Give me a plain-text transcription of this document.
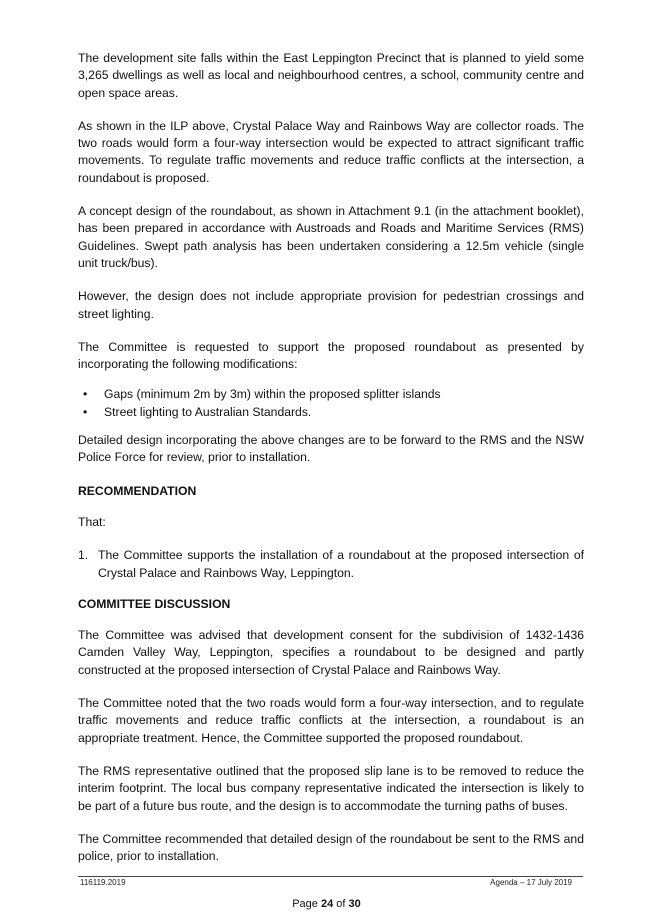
The development site falls within the East Leppington Precinct that is planned to yield some 3,265 dwellings as well as local and neighbourhood centres, a school, community centre and open space areas.

As shown in the ILP above, Crystal Palace Way and Rainbows Way are collector roads. The two roads would form a four-way intersection would be expected to attract significant traffic movements. To regulate traffic movements and reduce traffic conflicts at the intersection, a roundabout is proposed.

A concept design of the roundabout, as shown in Attachment 9.1 (in the attachment booklet), has been prepared in accordance with Austroads and Roads and Maritime Services (RMS) Guidelines. Swept path analysis has been undertaken considering a 12.5m vehicle (single unit truck/bus).

However, the design does not include appropriate provision for pedestrian crossings and street lighting.

The Committee is requested to support the proposed roundabout as presented by incorporating the following modifications:

• Gaps (minimum 2m by 3m) within the proposed splitter islands
• Street lighting to Australian Standards.

Detailed design incorporating the above changes are to be forward to the RMS and the NSW Police Force for review, prior to installation.

RECOMMENDATION

That:

1. The Committee supports the installation of a roundabout at the proposed intersection of Crystal Palace and Rainbows Way, Leppington.
COMMITTEE DISCUSSION

The Committee was advised that development consent for the subdivision of 1432-1436 Camden Valley Way, Leppington, specifies a roundabout to be designed and partly constructed at the proposed intersection of Crystal Palace and Rainbows Way.

The Committee noted that the two roads would form a four-way intersection, and to regulate traffic movements and reduce traffic conflicts at the intersection, a roundabout is an appropriate treatment. Hence, the Committee supported the proposed roundabout.

The RMS representative outlined that the proposed slip lane is to be removed to reduce the interim footprint. The local bus company representative indicated the intersection is likely to be part of a future bus route, and the design is to accommodate the turning paths of buses.

The Committee recommended that detailed design of the roundabout be sent to the RMS and police, prior to installation.

116119.2019	Agenda – 17 July 2019
Page 24 of 30
